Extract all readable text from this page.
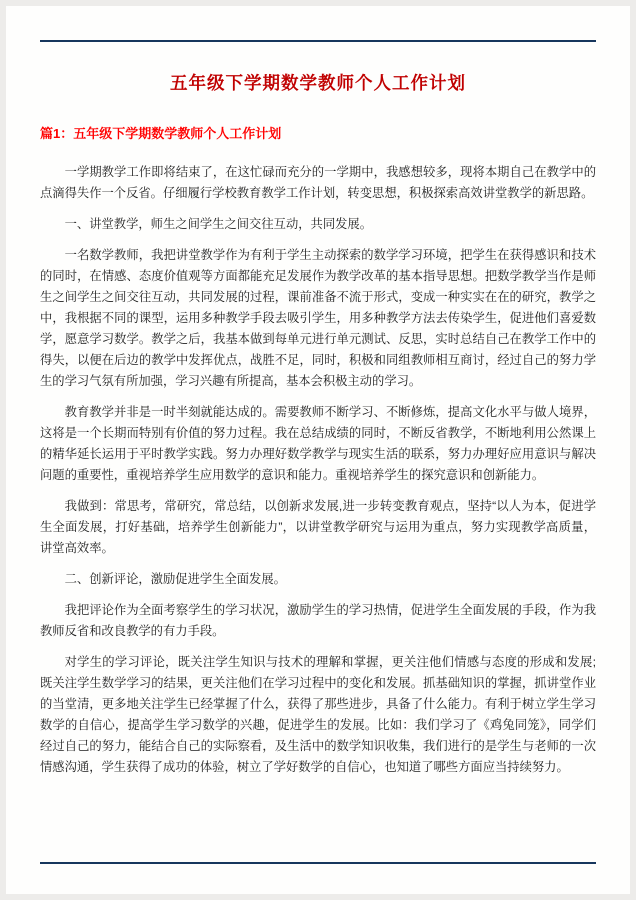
五年级下学期数学教师个人工作计划
篇1：五年级下学期数学教师个人工作计划

一学期教学工作即将结束了，在这忙碌而充分的一学期中，我感想较多，现将本期自己在教学中的点滴得失作一个反省。仔细履行学校教育教学工作计划，转变思想，积极探索高效讲堂教学的新思路。

一、讲堂教学，师生之间学生之间交往互动，共同发展。

一名数学教师，我把讲堂教学作为有利于学生主动探索的数学学习环境，把学生在获得感识和技术的同时，在情感、态度价值观等方面都能充足发展作为教学改革的基本指导思想。把数学教学当作是师生之间学生之间交往互动，共同发展的过程，课前准备不流于形式，变成一种实实在在的研究，教学之中，我根据不同的课型，运用多种教学手段去吸引学生，用多种教学方法去传染学生，促进他们喜爱数学，愿意学习数学。教学之后，我基本做到每单元进行单元测试、反思，实时总结自己在教学工作中的得失，以便在后边的教学中发挥优点，战胜不足，同时，积极和同组教师相互商讨，经过自己的努力学生的学习气氛有所加强，学习兴趣有所提高，基本会积极主动的学习。

教育教学并非是一时半刻就能达成的。需要教师不断学习、不断修炼，提高文化水平与做人境界，这将是一个长期而特别有价值的努力过程。我在总结成绩的同时，不断反省教学，不断地利用公然课上的精华延长运用于平时教学实践。努力办理好数学教学与现实生活的联系，努力办理好应用意识与解决问题的重要性，重视培养学生应用数学的意识和能力。重视培养学生的探究意识和创新能力。

我做到：常思考，常研究，常总结，以创新求发展,进一步转变教育观点，坚持“以人为本，促进学生全面发展，打好基础，培养学生创新能力”，以讲堂教学研究与运用为重点，努力实现教学高质量，讲堂高效率。

二、创新评论，激励促进学生全面发展。

我把评论作为全面考察学生的学习状况，激励学生的学习热情，促进学生全面发展的手段，作为我教师反省和改良教学的有力手段。

对学生的学习评论，既关注学生知识与技术的理解和掌握，更关注他们情感与态度的形成和发展;既关注学生数学学习的结果，更关注他们在学习过程中的变化和发展。抓基础知识的掌握，抓讲堂作业的当堂清，更多地关注学生已经掌握了什么，获得了那些进步，具备了什么能力。有利于树立学生学习数学的自信心，提高学生学习数学的兴趣，促进学生的发展。比如：我们学习了《鸡兔同笼》，同学们经过自己的努力，能结合自己的实际察看，及生活中的数学知识收集，我们进行的是学生与老师的一次情感沟通，学生获得了成功的体验，树立了学好数学的自信心，也知道了哪些方面应当持续努力。
